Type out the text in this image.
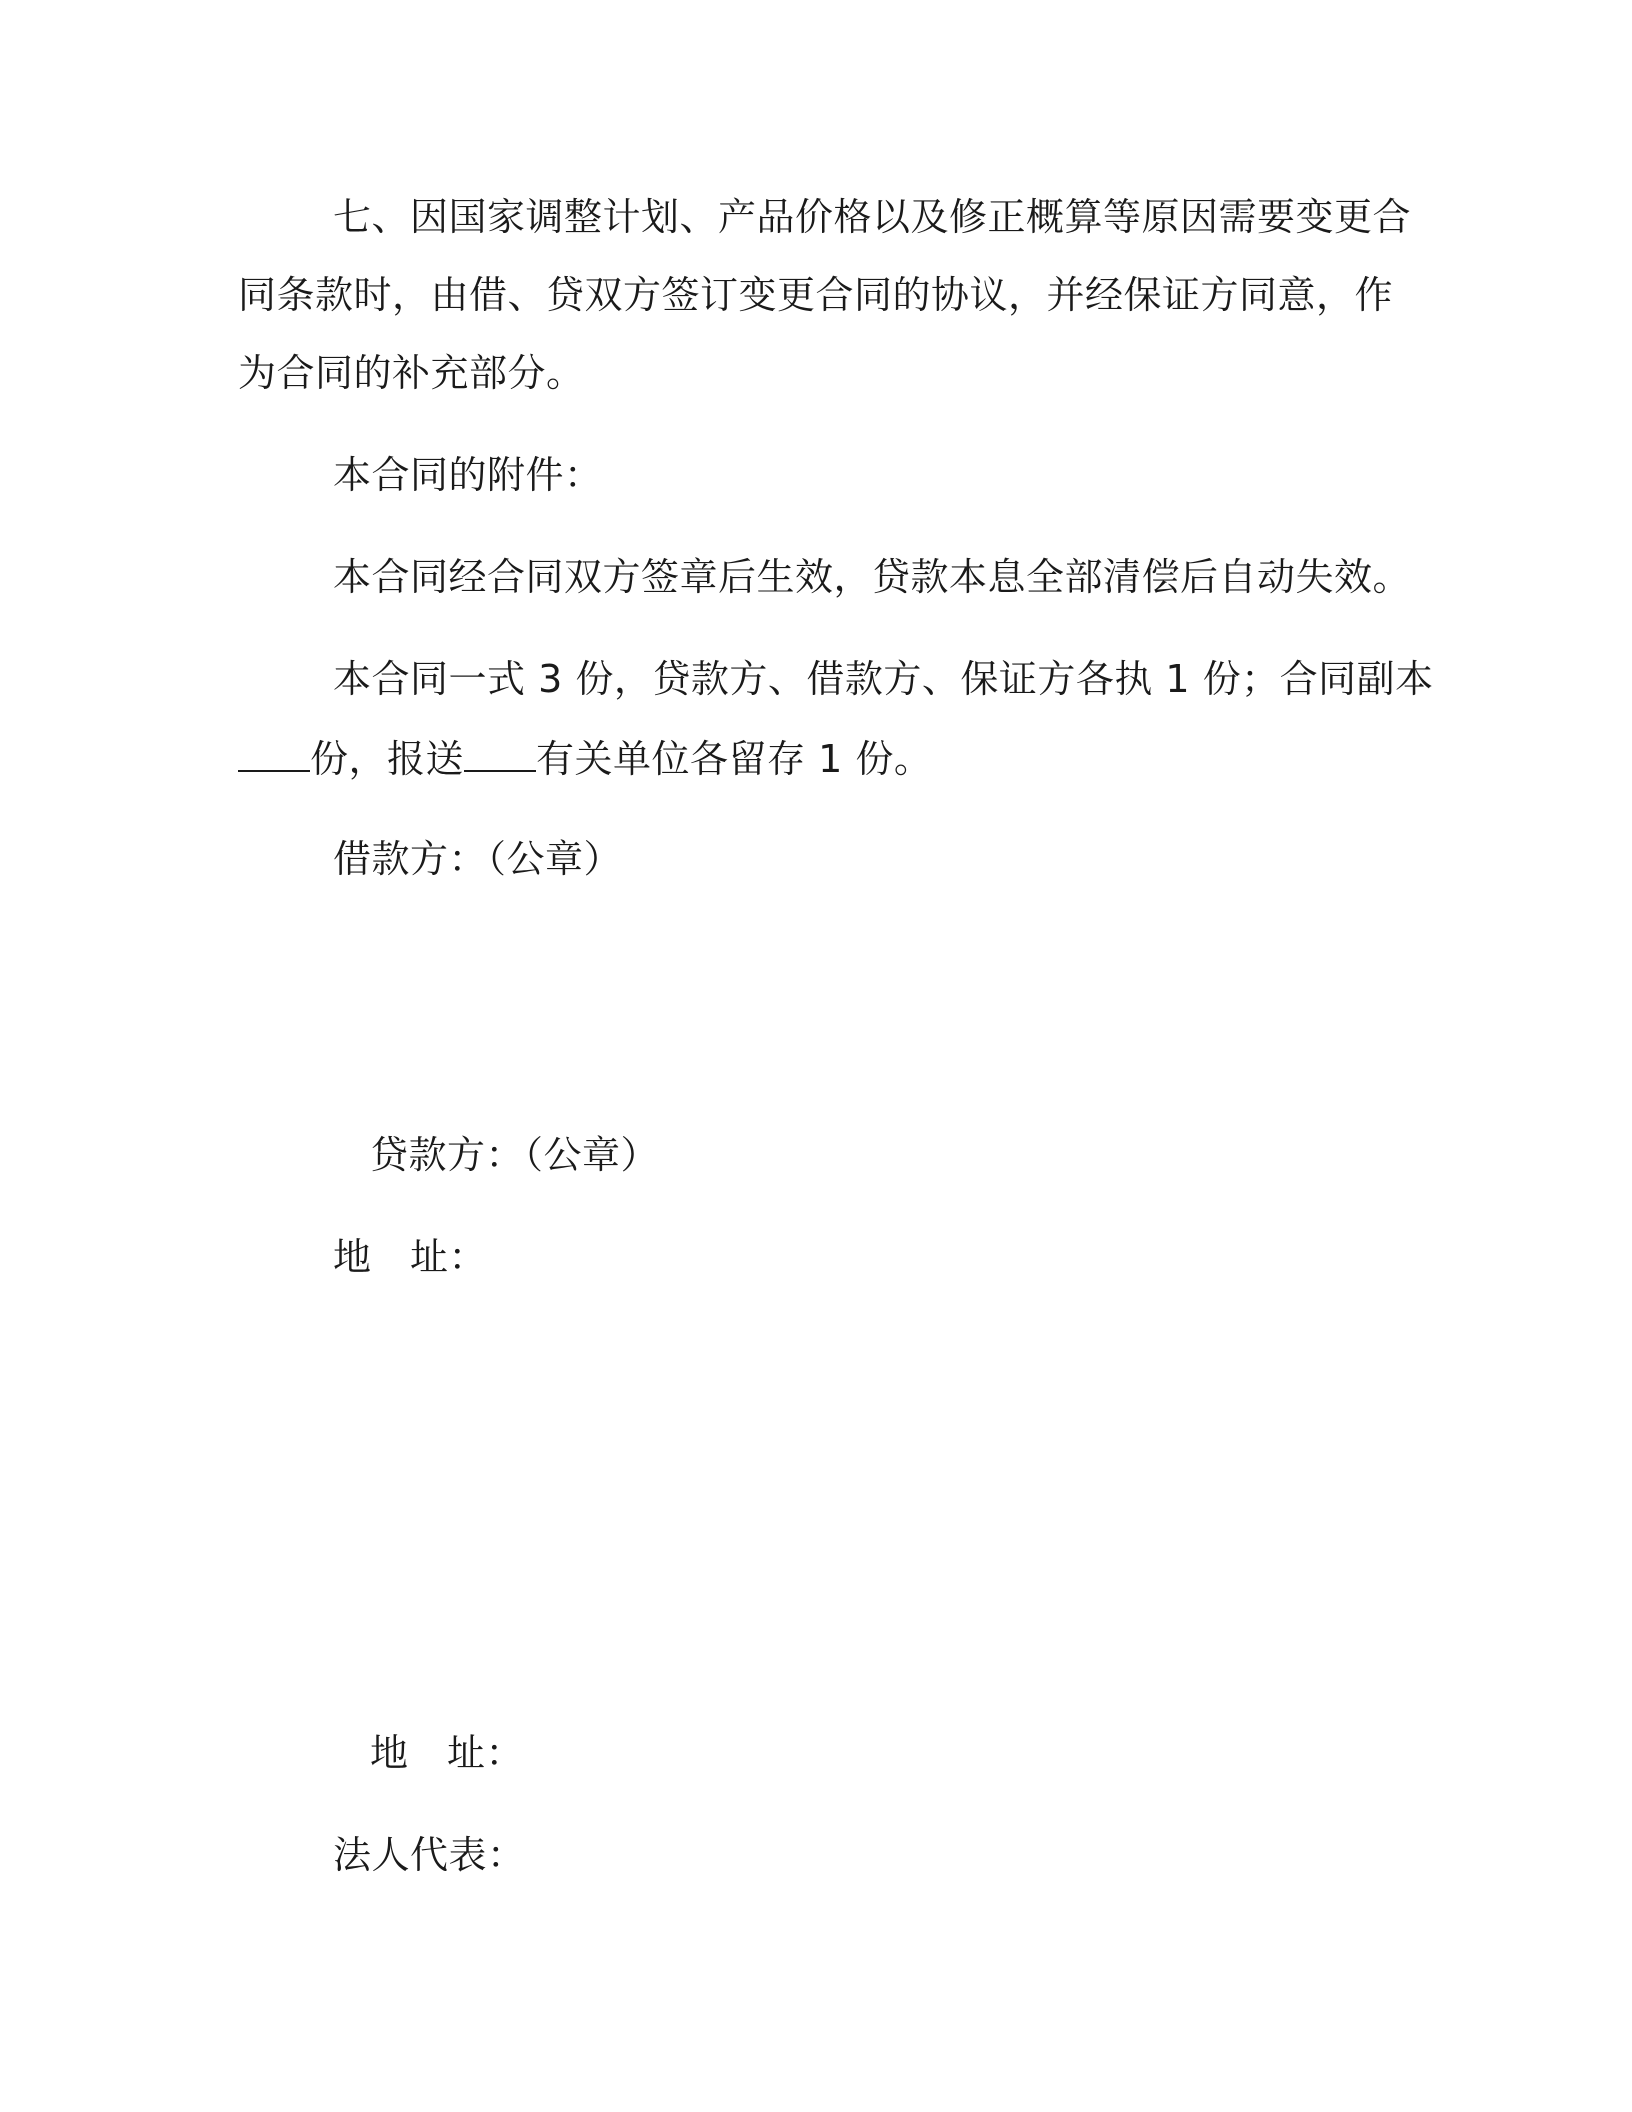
七、因国家调整计划、产品价格以及修正概算等原因需要变更合
同条款时，由借、贷双方签订变更合同的协议，并经保证方同意，作
为合同的补充部分。
本合同的附件：
本合同经合同双方签章后生效，贷款本息全部清偿后自动失效。
本合同一式 3 份，贷款方、借款方、保证方各执 1 份；合同副本
份，报送 有关单位各留存 1 份。
借款方：（公章）
贷款方：（公章）
地　址：
地　址：
法人代表：
